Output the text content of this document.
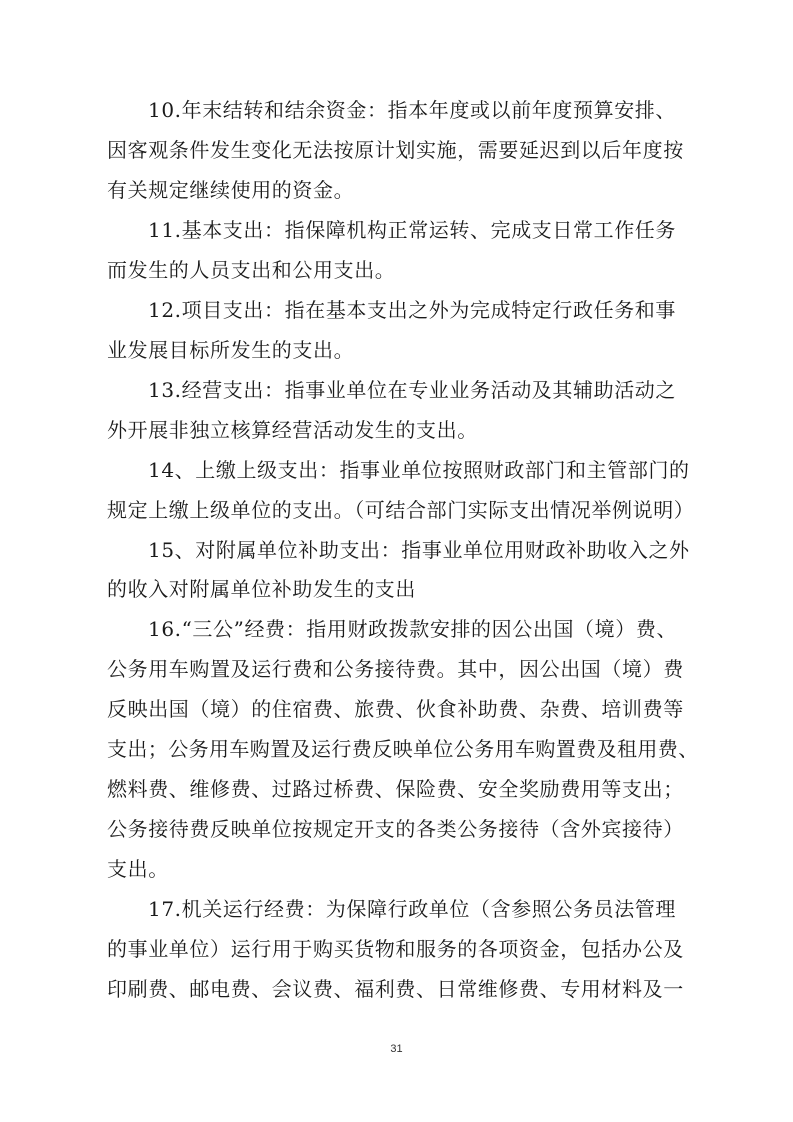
10.年末结转和结余资金：指本年度或以前年度预算安排、
因客观条件发生变化无法按原计划实施，需要延迟到以后年度按
有关规定继续使用的资金。
11.基本支出：指保障机构正常运转、完成支日常工作任务
而发生的人员支出和公用支出。
12.项目支出：指在基本支出之外为完成特定行政任务和事
业发展目标所发生的支出。
13.经营支出：指事业单位在专业业务活动及其辅助活动之
外开展非独立核算经营活动发生的支出。
14、上缴上级支出：指事业单位按照财政部门和主管部门的
规定上缴上级单位的支出。（可结合部门实际支出情况举例说明）
15、对附属单位补助支出：指事业单位用财政补助收入之外
的收入对附属单位补助发生的支出
16.“三公”经费：指用财政拨款安排的因公出国（境）费、
公务用车购置及运行费和公务接待费。其中，因公出国（境）费
反映出国（境）的住宿费、旅费、伙食补助费、杂费、培训费等
支出；公务用车购置及运行费反映单位公务用车购置费及租用费、
燃料费、维修费、过路过桥费、保险费、安全奖励费用等支出；
公务接待费反映单位按规定开支的各类公务接待（含外宾接待）
支出。
17.机关运行经费：为保障行政单位（含参照公务员法管理
的事业单位）运行用于购买货物和服务的各项资金，包括办公及
印刷费、邮电费、会议费、福利费、日常维修费、专用材料及一
31
